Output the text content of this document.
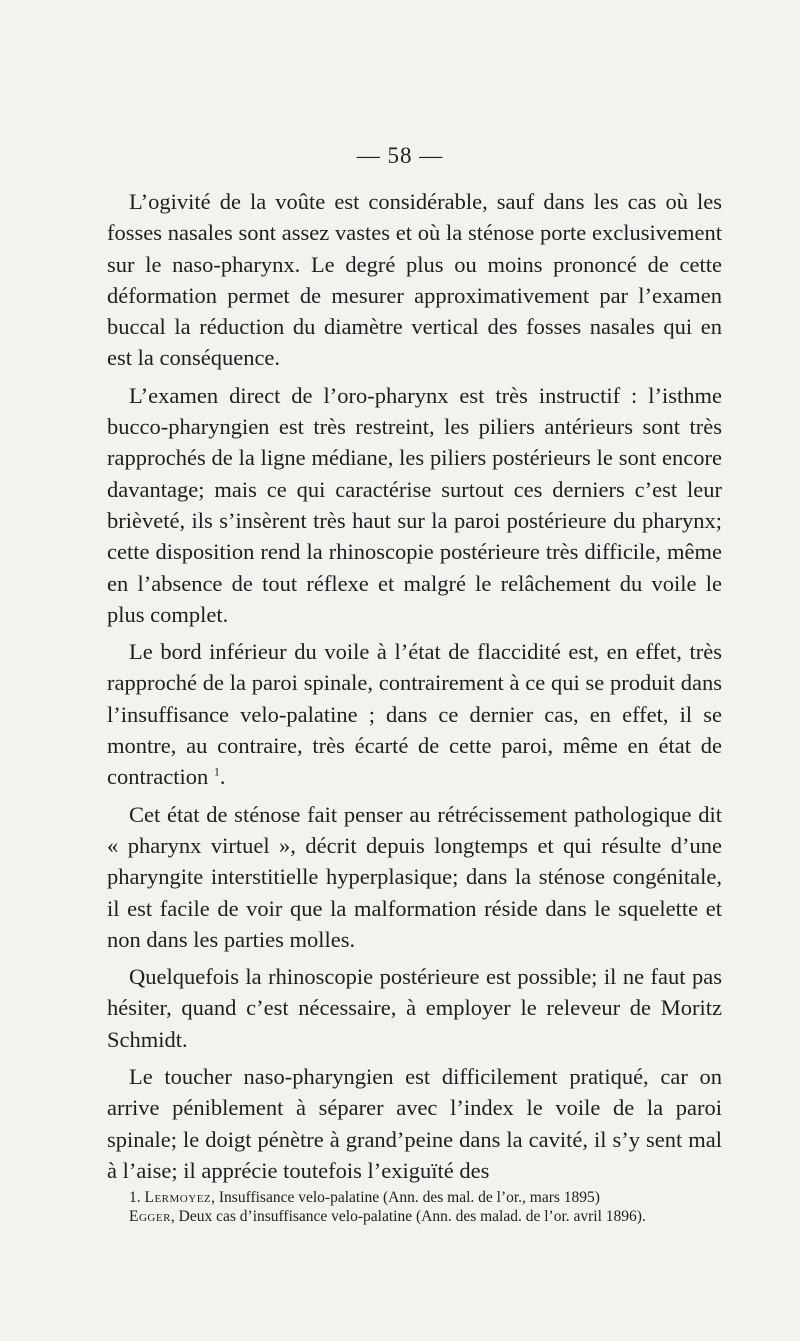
— 58 —

L’ogivité de la voûte est considérable, sauf dans les cas où les fosses nasales sont assez vastes et où la sténose porte exclusivement sur le naso-pharynx. Le degré plus ou moins prononcé de cette déformation permet de mesurer approximativement par l’examen buccal la réduction du diamètre vertical des fosses nasales qui en est la conséquence.

L’examen direct de l’oro-pharynx est très instructif : l’isthme bucco-pharyngien est très restreint, les piliers antérieurs sont très rapprochés de la ligne médiane, les piliers postérieurs le sont encore davantage; mais ce qui caractérise surtout ces derniers c’est leur brièveté, ils s’insèrent très haut sur la paroi postérieure du pharynx; cette disposition rend la rhinoscopie postérieure très difficile, même en l’absence de tout réflexe et malgré le relâchement du voile le plus complet.

Le bord inférieur du voile à l’état de flaccidité est, en effet, très rapproché de la paroi spinale, contrairement à ce qui se produit dans l’insuffisance velo-palatine ; dans ce dernier cas, en effet, il se montre, au contraire, très écarté de cette paroi, même en état de contraction $^1$.

Cet état de sténose fait penser au rétrécissement pathologique dit « pharynx virtuel », décrit depuis longtemps et qui résulte d’une pharyngite interstitielle hyperplasique; dans la sténose congénitale, il est facile de voir que la malformation réside dans le squelette et non dans les parties molles.

Quelquefois la rhinoscopie postérieure est possible; il ne faut pas hésiter, quand c’est nécessaire, à employer le releveur de Moritz Schmidt.

Le toucher naso-pharyngien est difficilement pratiqué, car on arrive péniblement à séparer avec l’index le voile de la paroi spinale; le doigt pénètre à grand’peine dans la cavité, il s’y sent mal à l’aise; il apprécie toutefois l’exiguïté des

1. Lermoyez, Insuffisance velo-palatine (Ann. des mal. de l’or., mars 1895)

Egger, Deux cas d’insuffisance velo-palatine (Ann. des malad. de l’or. avril 1896).
